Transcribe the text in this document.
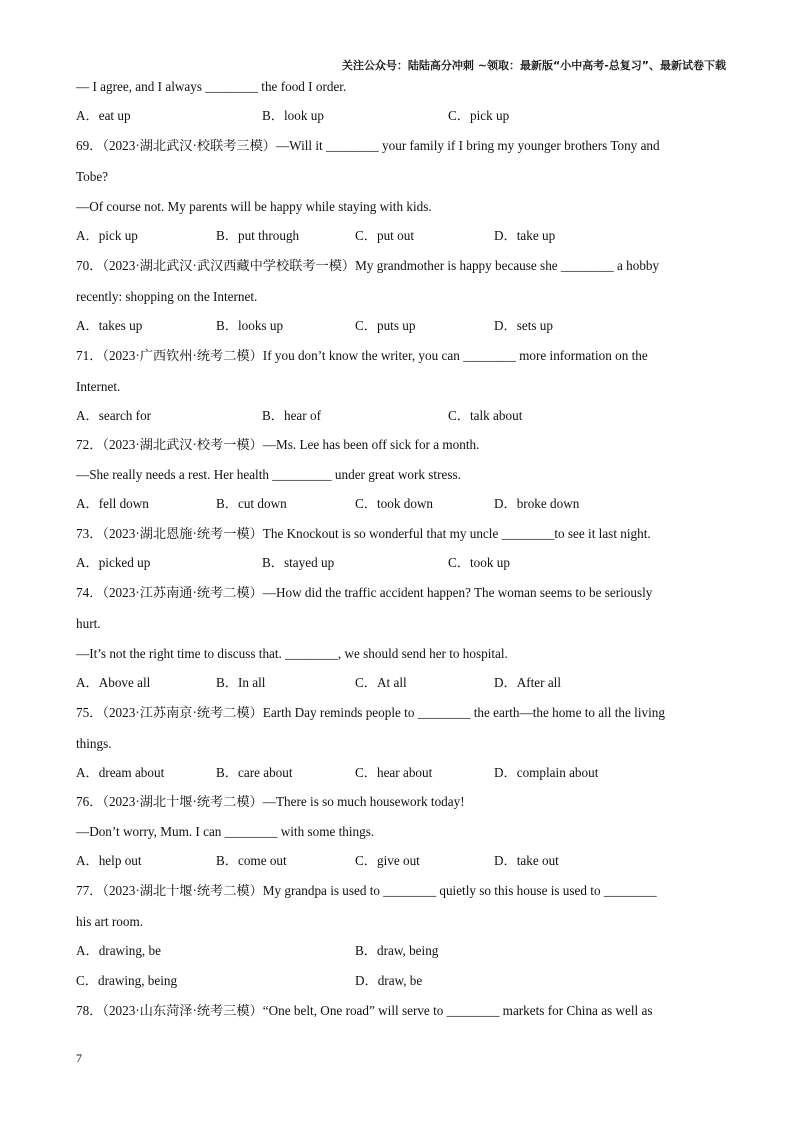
关注公众号：陆陆高分冲刺 ~领取：最新版“小中高考-总复习”、最新试卷下载
— I agree, and I always ________ the food I order.
69．（2023·湖北武汉·校联考三模）—Will it ________ your family if I bring my younger brothers Tony and
Tobe?
—Of course not. My parents will be happy while staying with kids.
70．（2023·湖北武汉·武汉西藏中学校联考一模）My grandmother is happy because she ________ a hobby
recently: shopping on the Internet.
71．（2023·广西钦州·统考二模）If you don’t know the writer, you can ________ more information on the
Internet.
72．（2023·湖北武汉·校考一模）—Ms. Lee has been off sick for a month.
—She really needs a rest. Her health _________ under great work stress.
73．（2023·湖北恩施·统考一模）The Knockout is so wonderful that my uncle ________to see it last night.
74．（2023·江苏南通·统考二模）—How did the traffic accident happen? The woman seems to be seriously
hurt.
—It’s not the right time to discuss that. ________, we should send her to hospital.
75．（2023·江苏南京·统考二模）Earth Day reminds people to ________ the earth—the home to all the living
things.
76．（2023·湖北十堰·统考二模）—There is so much housework today!
—Don’t worry, Mum. I can ________ with some things.
77．（2023·湖北十堰·统考二模）My grandpa is used to ________ quietly so this house is used to ________
his art room.
78．（2023·山东菏泽·统考三模）“One belt, One road” will serve to ________ markets for China as well as
A．eat up	B．look up	C．pick up
A．pick up	B．put through	C．put out	D．take up
A．takes up	B．looks up	C．puts up	D．sets up
A．search for	B．hear of	C．talk about
A．fell down	B．cut down	C．took down	D．broke down
A．picked up	B．stayed up	C．took up
A．Above all	B．In all	C．At all	D．After all
A．dream about	B．care about	C．hear about	D．complain about
A．help out	B．come out	C．give out	D．take out
A．drawing, be	B．draw, being
C．drawing, being	D．draw, be
7
